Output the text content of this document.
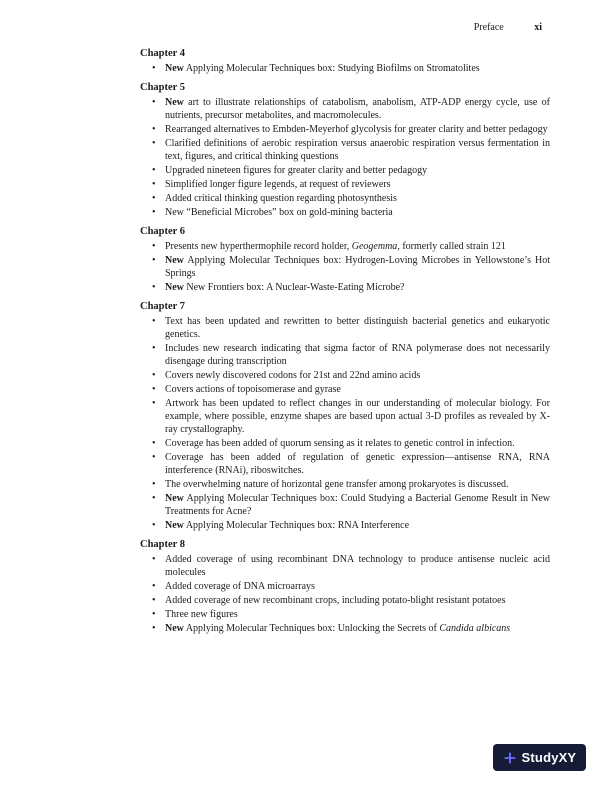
Preface	xi
Chapter 4
• New Applying Molecular Techniques box: Studying Biofilms on Stromatolites
Chapter 5
• New art to illustrate relationships of catabolism, anabolism, ATP-ADP energy cycle, use of nutrients, precursor metabolites, and macromolecules.
• Rearranged alternatives to Embden-Meyerhof glycolysis for greater clarity and better pedagogy
• Clarified definitions of aerobic respiration versus anaerobic respiration versus fermentation in text, figures, and critical thinking questions
• Upgraded nineteen figures for greater clarity and better pedagogy
• Simplified longer figure legends, at request of reviewers
• Added critical thinking question regarding photosynthesis
• New “Beneficial Microbes” box on gold-mining bacteria
Chapter 6
• Presents new hyperthermophile record holder, Geogemma, formerly called strain 121
• New Applying Molecular Techniques box: Hydrogen-Loving Microbes in Yellowstone’s Hot Springs
• New New Frontiers box: A Nuclear-Waste-Eating Microbe?
Chapter 7
• Text has been updated and rewritten to better distinguish bacterial genetics and eukaryotic genetics.
• Includes new research indicating that sigma factor of RNA polymerase does not necessarily disengage during transcription
• Covers newly discovered codons for 21st and 22nd amino acids
• Covers actions of topoisomerase and gyrase
• Artwork has been updated to reflect changes in our understanding of molecular biology. For example, where possible, enzyme shapes are based upon actual 3-D profiles as revealed by X-ray crystallography.
• Coverage has been added of quorum sensing as it relates to genetic control in infection.
• Coverage has been added of regulation of genetic expression—antisense RNA, RNA interference (RNAi), riboswitches.
• The overwhelming nature of horizontal gene transfer among prokaryotes is discussed.
• New Applying Molecular Techniques box: Could Studying a Bacterial Genome Result in New Treatments for Acne?
• New Applying Molecular Techniques box: RNA Interference
Chapter 8
• Added coverage of using recombinant DNA technology to produce antisense nucleic acid molecules
• Added coverage of DNA microarrays
• Added coverage of new recombinant crops, including potato-blight resistant potatoes
• Three new figures
• New Applying Molecular Techniques box: Unlocking the Secrets of Candida albicans
StudyXY
